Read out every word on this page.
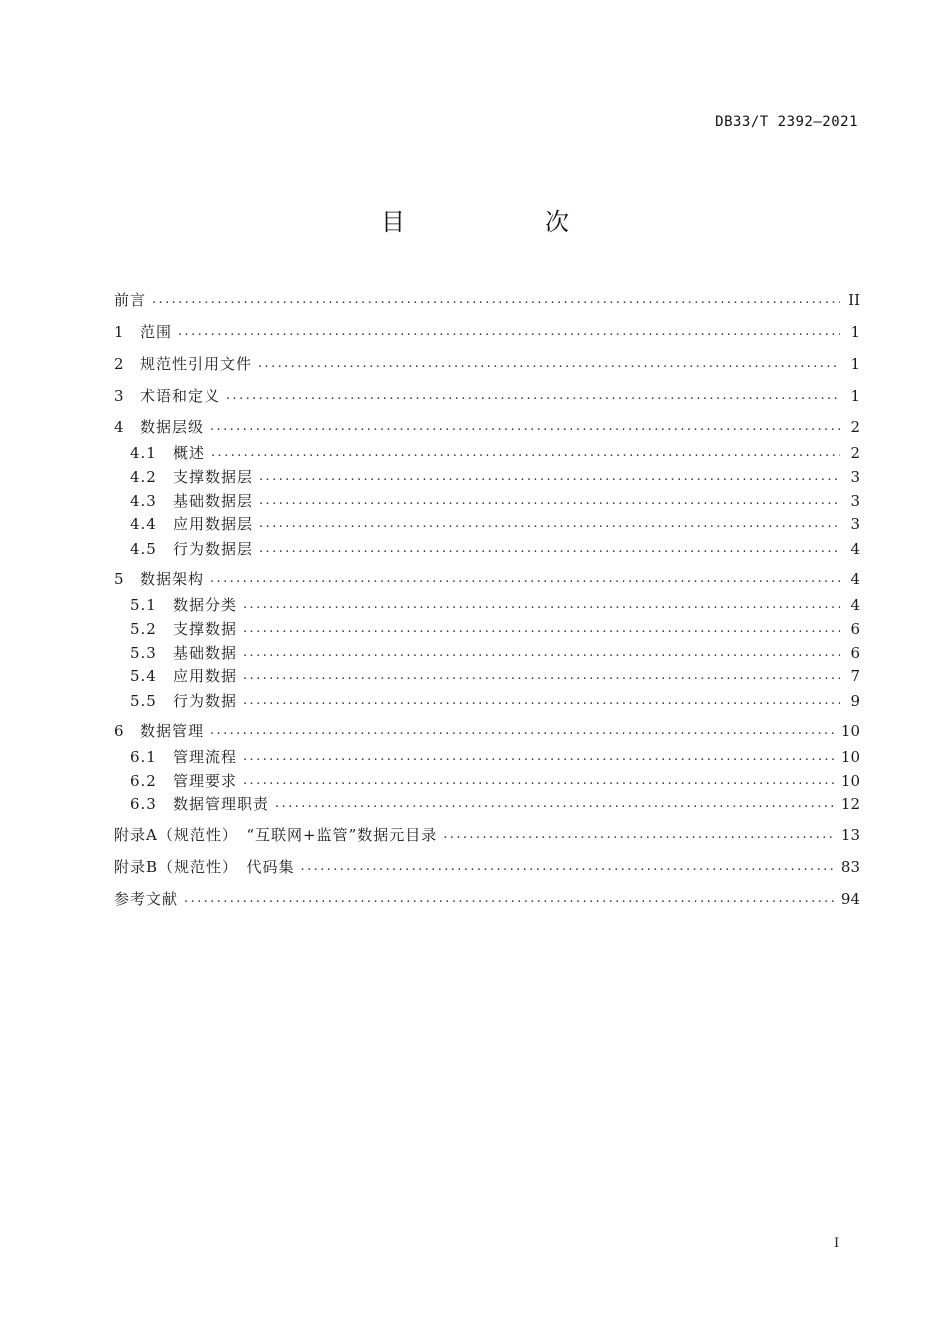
DB33/T 2392—2021
目　次
前言 .....	II
1	范围 .....	1
2	规范性引用文件 .....	1
3	术语和定义 .....	1
4	数据层级 .....	2
4.1	概述 .....	2
4.2	支撑数据层 .....	3
4.3	基础数据层 .....	3
4.4	应用数据层 .....	3
4.5	行为数据层 .....	4
5	数据架构 .....	4
5.1	数据分类 .....	4
5.2	支撑数据 .....	6
5.3	基础数据 .....	6
5.4	应用数据 .....	7
5.5	行为数据 .....	9
6	数据管理 .....	10
6.1	管理流程 .....	10
6.2	管理要求 .....	10
6.3	数据管理职责 .....	12
附录A（规范性）　“互联网+监管”数据元目录 .....	13
附录B（规范性）　代码集 .....	83
参考文献 .....	94
I
